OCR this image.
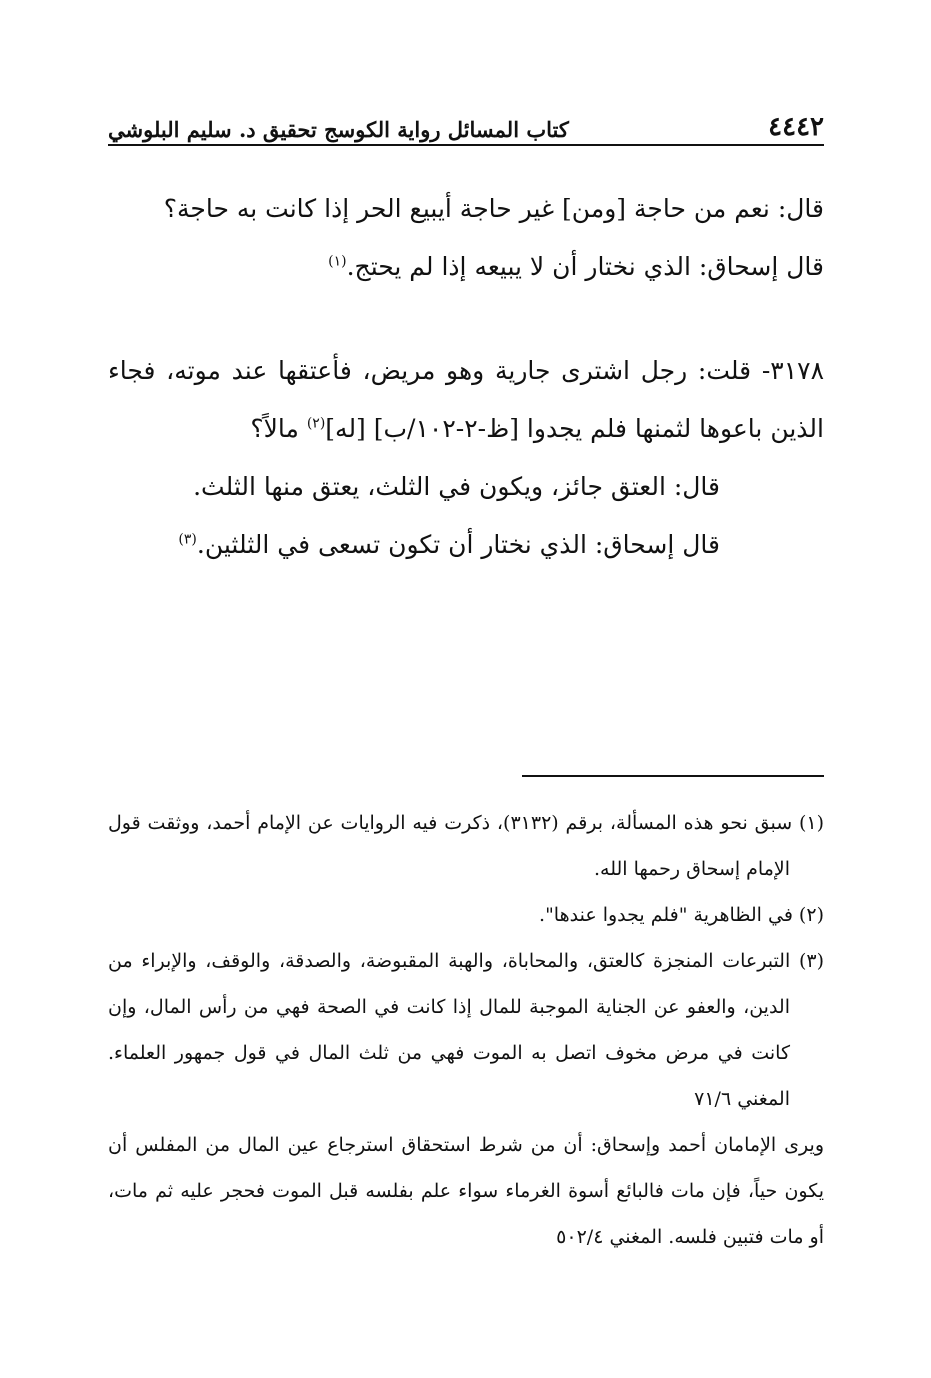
٤٤٤٢
كتاب المسائل رواية الكوسج تحقيق د. سليم البلوشي

قال: نعم من حاجة [ومن] غير حاجة أيبيع الحر إذا كانت به حاجة؟

قال إسحاق: الذي نختار أن لا يبيعه إذا لم يحتج.$^{(١)}$

٣١٧٨- قلت: رجل اشترى جارية وهو مريض، فأعتقها عند موته، فجاء الذين باعوها لثمنها فلم يجدوا [ظ-٢-١٠٢/ب] [له]$^{(٢)}$ مالاً؟

قال: العتق جائز، ويكون في الثلث، يعتق منها الثلث.

قال إسحاق: الذي نختار أن تكون تسعى في الثلثين.$^{(٣)}$

(١) سبق نحو هذه المسألة، برقم (٣١٣٢)، ذكرت فيه الروايات عن الإمام أحمد، ووثقت قول الإمام إسحاق رحمها الله.

(٢) في الظاهرية "فلم يجدوا عندها".

(٣) التبرعات المنجزة كالعتق، والمحاباة، والهبة المقبوضة، والصدقة، والوقف، والإبراء من الدين، والعفو عن الجناية الموجبة للمال إذا كانت في الصحة فهي من رأس المال، وإن كانت في مرض مخوف اتصل به الموت فهي من ثلث المال في قول جمهور العلماء. المغني ٧١/٦

ويرى الإمامان أحمد وإسحاق: أن من شرط استحقاق استرجاع عين المال من المفلس أن يكون حياً، فإن مات فالبائع أسوة الغرماء سواء علم بفلسه قبل الموت فحجر عليه ثم مات، أو مات فتبين فلسه. المغني ٥٠٢/٤
